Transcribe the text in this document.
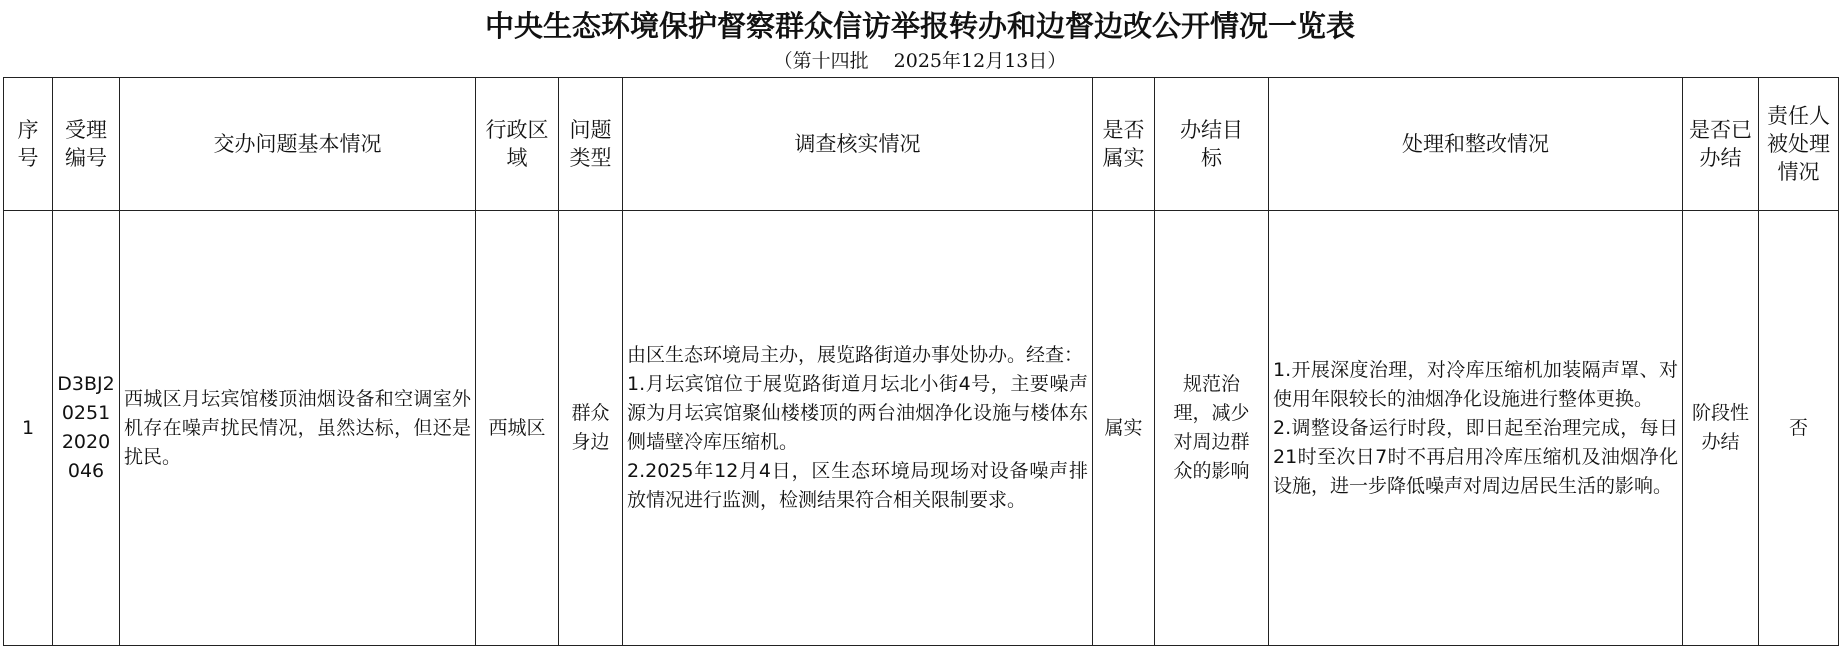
中央生态环境保护督察群众信访举报转办和边督边改公开情况一览表
（第十四批　 2025年12月13日）
序号	受理编号	交办问题基本情况	行政区域	问题类型	调查核实情况	是否属实	办结目标	处理和整改情况	是否已办结	责任人被处理情况
1	D3BJ202512020046	西城区月坛宾馆楼顶油烟设备和空调室外机存在噪声扰民情况，虽然达标，但还是扰民。	西城区	群众身边	由区生态环境局主办，展览路街道办事处协办。经查：
1.月坛宾馆位于展览路街道月坛北小街4号，主要噪声源为月坛宾馆聚仙楼楼顶的两台油烟净化设施与楼体东侧墙壁冷库压缩机。
2.2025年12月4日，区生态环境局现场对设备噪声排放情况进行监测，检测结果符合相关限制要求。	属实	规范治理，减少对周边群众的影响	1.开展深度治理，对冷库压缩机加装隔声罩、对使用年限较长的油烟净化设施进行整体更换。
2.调整设备运行时段，即日起至治理完成，每日21时至次日7时不再启用冷库压缩机及油烟净化设施，进一步降低噪声对周边居民生活的影响。	阶段性办结	否
